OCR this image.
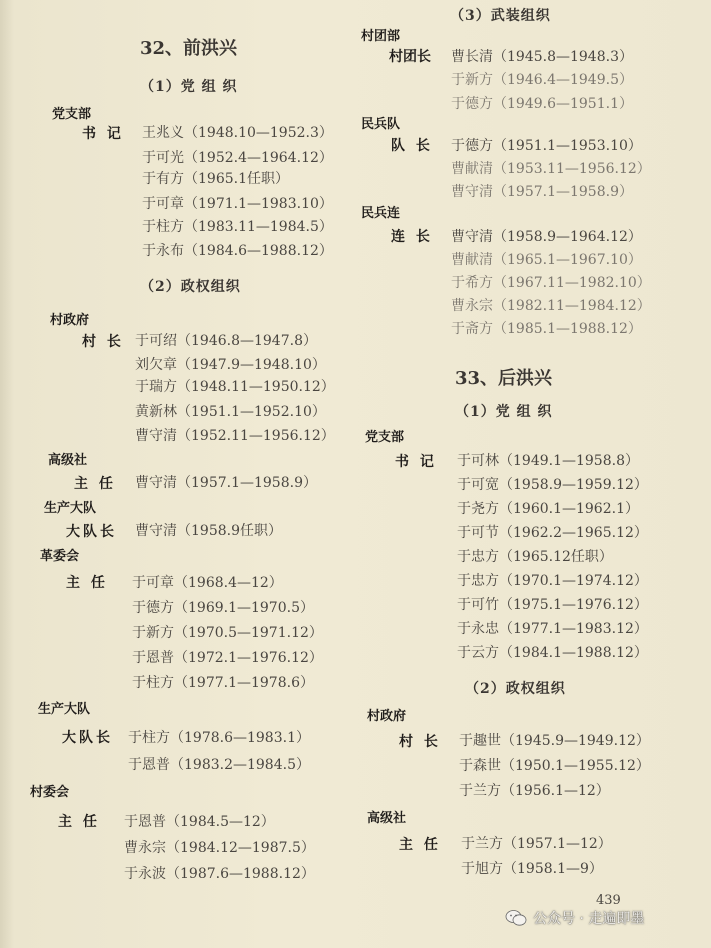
32、前洪兴
（1）党 组 织
党支部
书 记 王兆义（1948.10—1952.3）
于可光（1952.4—1964.12）
于有方（1965.1任职）
于可章（1971.1—1983.10）
于柱方（1983.11—1984.5）
于永布（1984.6—1988.12）
（2）政权组织
村政府
村 长 于可绍（1946.8—1947.8）
刘欠章（1947.9—1948.10）
于瑞方（1948.11—1950.12）
黄新林（1951.1—1952.10）
曹守清（1952.11—1956.12）
高级社
主 任 曹守清（1957.1—1958.9）
生产大队
大队长 曹守清（1958.9任职）
革委会
主 任 于可章（1968.4—12）
于德方（1969.1—1970.5）
于新方（1970.5—1971.12）
于恩普（1972.1—1976.12）
于柱方（1977.1—1978.6）
生产大队
大队长 于柱方（1978.6—1983.1）
于恩普（1983.2—1984.5）
村委会
主 任 于恩普（1984.5—12）
曹永宗（1984.12—1987.5）
于永波（1987.6—1988.12）
（3）武装组织
村团部
村团长 曹长清（1945.8—1948.3）
于新方（1946.4—1949.5）
于德方（1949.6—1951.1）
民兵队
队 长 于德方（1951.1—1953.10）
曹献清（1953.11—1956.12）
曹守清（1957.1—1958.9）
民兵连
连 长 曹守清（1958.9—1964.12）
曹献清（1965.1—1967.10）
于希方（1967.11—1982.10）
曹永宗（1982.11—1984.12）
于斋方（1985.1—1988.12）
33、后洪兴
（1）党 组 织
党支部
书 记 于可林（1949.1—1958.8）
于可宽（1958.9—1959.12）
于尧方（1960.1—1962.1）
于可节（1962.2—1965.12）
于忠方（1965.12任职）
于忠方（1970.1—1974.12）
于可竹（1975.1—1976.12）
于永忠（1977.1—1983.12）
于云方（1984.1—1988.12）
（2）政权组织
村政府
村 长 于趣世（1945.9—1949.12）
于森世（1950.1—1955.12）
于兰方（1956.1—12）
高级社
主 任 于兰方（1957.1—12）
于旭方（1958.1—9）
439
公众号 · 走遍即墨
